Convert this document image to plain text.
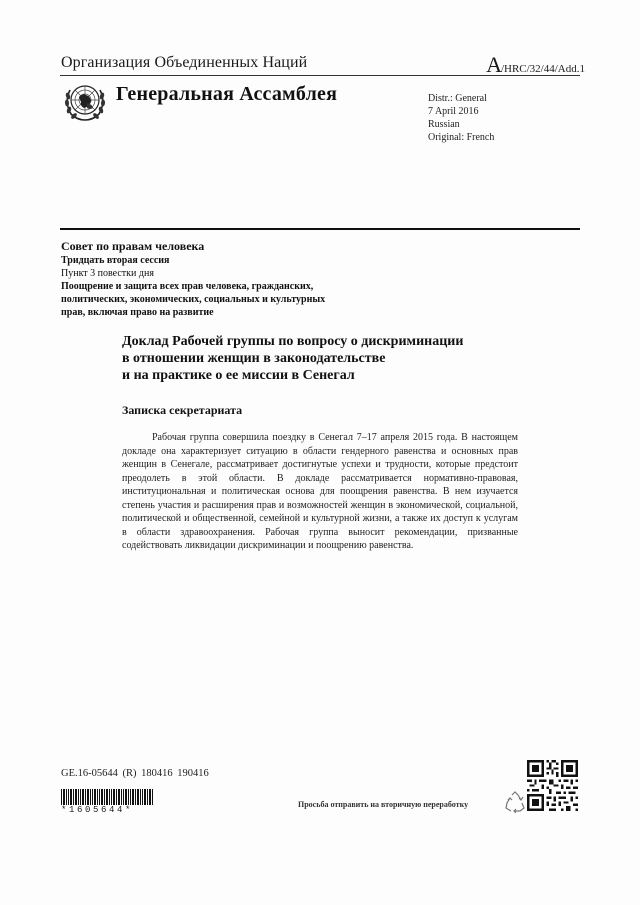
Организация Объединенных Наций	A/HRC/32/44/Add.1
Генеральная Ассамблея	Distr.: General
7 April 2016
Russian
Original: French
Совет по правам человека
Тридцать вторая сессия
Пункт 3 повестки дня
Поощрение и защита всех прав человека, гражданских,
политических, экономических, социальных и культурных
прав, включая право на развитие
Доклад Рабочей группы по вопросу о дискриминации
в отношении женщин в законодательстве
и на практике о ее миссии в Сенегал
Записка секретариата
Рабочая группа совершила поездку в Сенегал 7–17 апреля 2015 года. В настоящем докладе она характеризует ситуацию в области гендерного равенства и основных прав женщин в Сенегале, рассматривает достигнутые успехи и трудности, которые предстоит преодолеть в этой области. В докладе рассматривается нормативно-правовая, институциональная и политическая основа для поощрения равенства. В нем изучается степень участия и расширения прав и возможностей женщин в экономической, социальной, политической и общественной, семейной и культурной жизни, а также их доступ к услугам в области здравоохранения. Рабочая группа выносит рекомендации, призванные содействовать ликвидации дискриминации и поощрению равенства.
GE.16-05644 (R) 180416 190416
*1605644*
Просьба отправить на вторичную переработку
